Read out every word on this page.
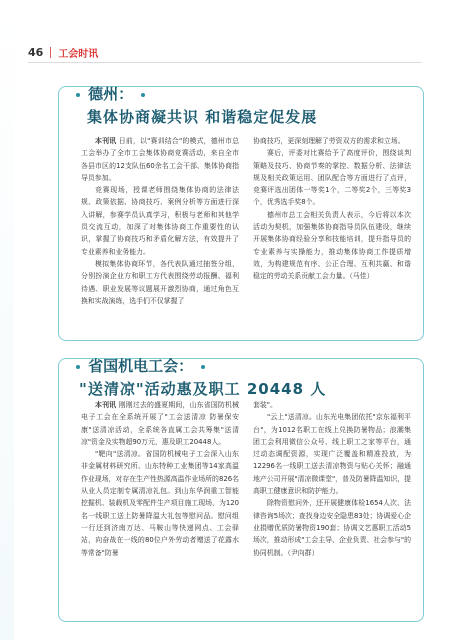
46 工会时讯
德州：
集体协商凝共识 和谐稳定促发展

本刊讯 日前，以"赛训结合"的模式，德州市总工会举办了全市工会集体协商竞赛活动，来自全市各县市区的12支队伍60余名工会干部、集体协商指导员参加。

竞赛现场，授课老师围绕集体协商的法律法规、政策依据、协商技巧、案例分析等方面进行深入讲解，参赛学员认真学习，积极与老师和其他学员交流互动，加深了对集体协商工作重要性的认识，掌握了协商技巧和矛盾化解方法，有效提升了专业素养和业务能力。

模拟集体协商环节，各代表队通过抽签分组，分别扮演企业方和职工方代表围绕劳动报酬、福利待遇、职业发展等议题展开激烈协商，通过角色互换和实战演练，选手们不仅掌握了

协商技巧，更深刻理解了劳资双方的需求和立场。

赛后，评委对比赛给予了高度评价，围绕谈判策略及技巧、协商节奏的掌控、数据分析、法律法规及相关政策运用、团队配合等方面进行了点评，竞赛评选出团体一等奖1个，二等奖2个，三等奖3个，优秀选手奖8个。

德州市总工会相关负责人表示，今后将以本次活动为契机，加强集体协商指导员队伍建设，继续开展集体协商经验分享和技能培训，提升指导员的专业素养与实操能力，推动集体协商工作提质增效，为构建规范有序、公正合理、互利共赢、和谐稳定的劳动关系贡献工会力量。（马佳）

省国机电工会：
"送清凉"活动惠及职工 20448 人

本刊讯 刚刚过去的盛夏期间，山东省国防机械电子工会在全系统开展了"工会送清凉 防暑保安康"送清凉活动，全系统各直属工会共筹集"送清凉"资金及实物超90万元，惠及职工20448人。

"靶向"送清凉。省国防机械电子工会深入山东非金属材料研究所、山东特种工业集团等14家高温作业现场，对存在生产性热源高温作业场所的826名从业人员定制专属清凉礼包。到山东华润重工智能挖掘机、装载机及零配件生产项目施工现场，为120名一线职工送上防暑降温大礼包等慰问品。慰问组一行还到济南万达、马鞍山等快递网点、工会驿站，向奋战在一线的80位户外劳动者赠送了花露水等常备"防暑

套装"。

"云上"送清凉。山东光电集团依托"京东福利平台"，为1012名职工在线上兑换防暑物品；浪潮集团工会利用微信公众号、线上职工之家等平台，通过动态调配资源，实现广泛覆盖和精准投放，为12296名一线职工送去清凉物资与贴心关怀；融通地产公司开展"清凉微课堂"，普及防暑降温知识，提高职工健康意识和防护能力。

除物资慰问外，还开展健康体检1654人次、法律咨询5场次；查找身边安全隐患83处；协调爱心企业捐赠优质防暑物资190套；协调文艺惠职工活动5场次，推动形成"工会主导、企业负责、社会参与"的协同机制。（尹向群）
